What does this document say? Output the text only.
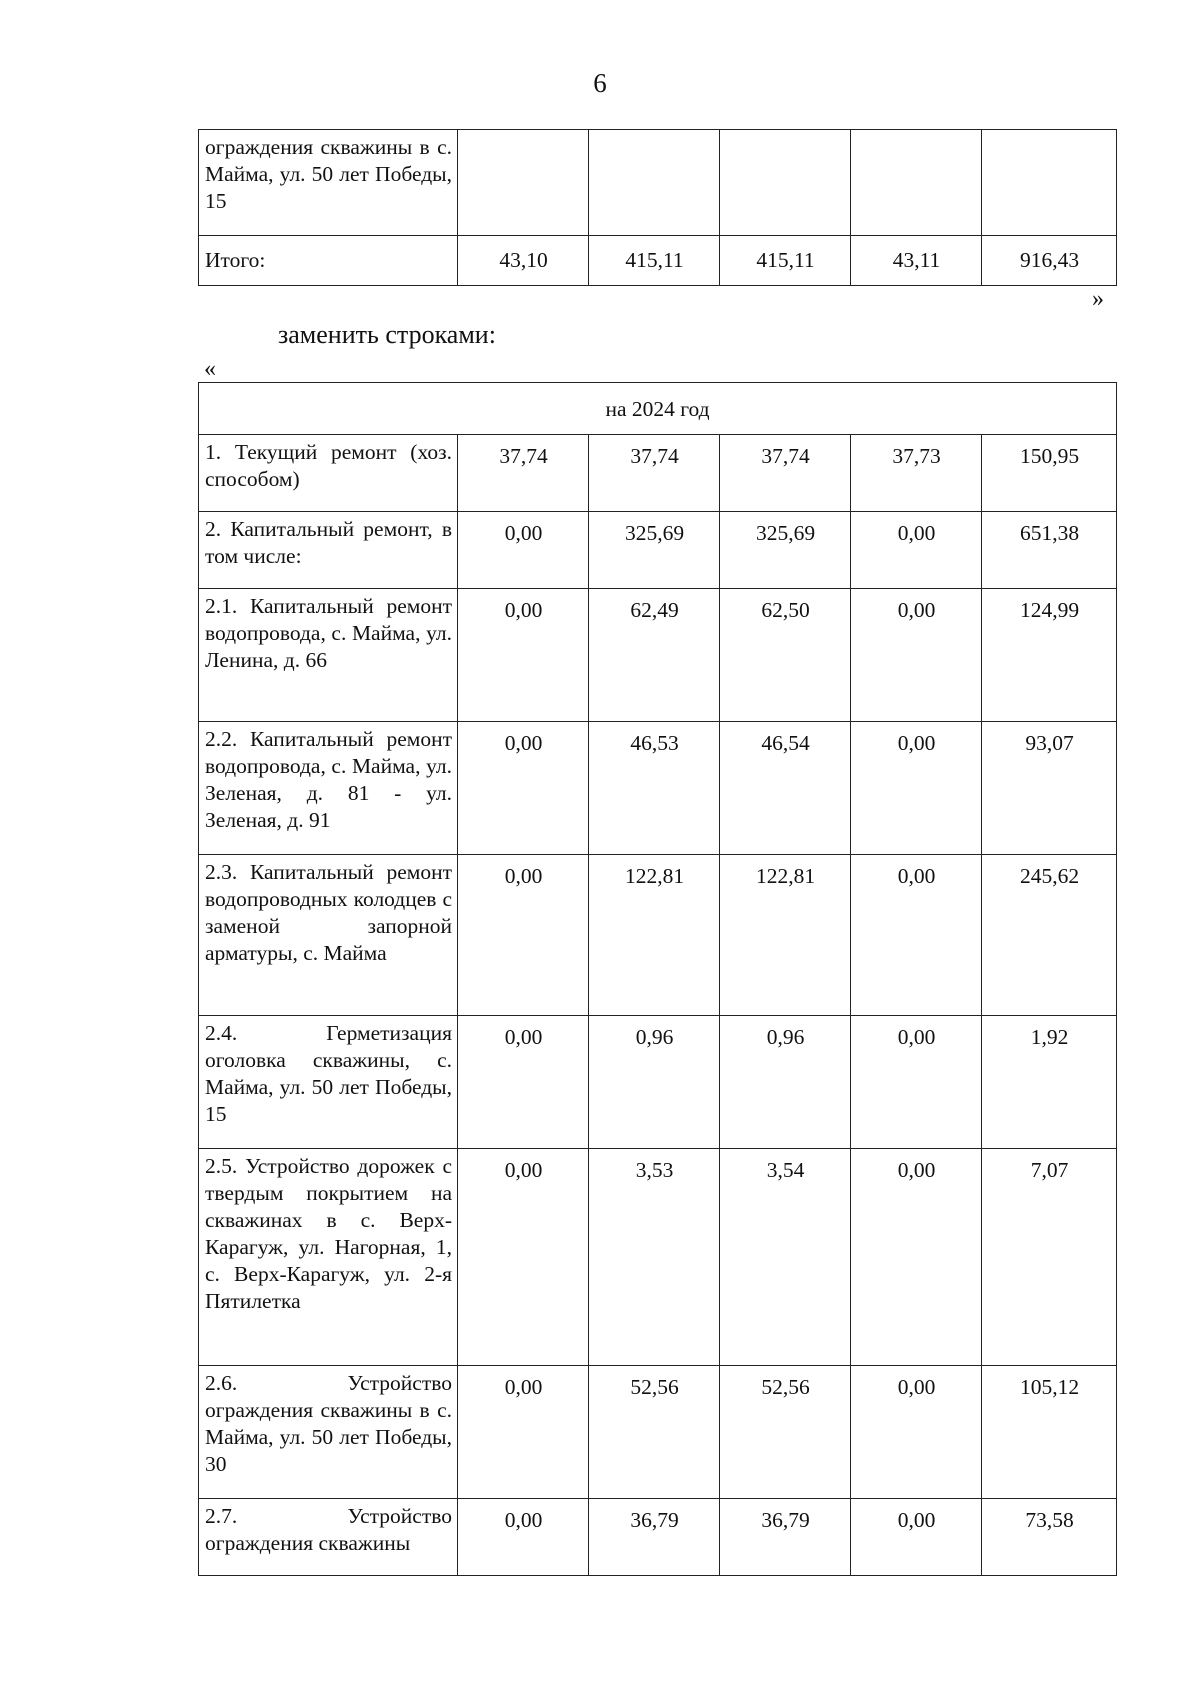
6
ограждения скважины в с. Майма, ул. 50 лет Победы, 15					
Итого:	43,10	415,11	415,11	43,11	916,43
»
заменить строками:
«
на 2024 год					
1. Текущий ремонт (хоз. способом)	37,74	37,74	37,74	37,73	150,95
2. Капитальный ремонт, в том числе:	0,00	325,69	325,69	0,00	651,38
2.1. Капитальный ремонт водопровода, с. Майма, ул. Ленина, д. 66	0,00	62,49	62,50	0,00	124,99
2.2. Капитальный ремонт водопровода, с. Майма, ул. Зеленая, д. 81 - ул. Зеленая, д. 91	0,00	46,53	46,54	0,00	93,07
2.3. Капитальный ремонт водопроводных колодцев с заменой запорной арматуры, с. Майма	0,00	122,81	122,81	0,00	245,62
2.4. Герметизация оголовка скважины, с. Майма, ул. 50 лет Победы, 15	0,00	0,96	0,96	0,00	1,92
2.5. Устройство дорожек с твердым покрытием на скважинах в с. Верх-Карагуж, ул. Нагорная, 1, с. Верх-Карагуж, ул. 2-я Пятилетка	0,00	3,53	3,54	0,00	7,07
2.6. Устройство ограждения скважины в с. Майма, ул. 50 лет Победы, 30	0,00	52,56	52,56	0,00	105,12
2.7. Устройство ограждения скважины	0,00	36,79	36,79	0,00	73,58
